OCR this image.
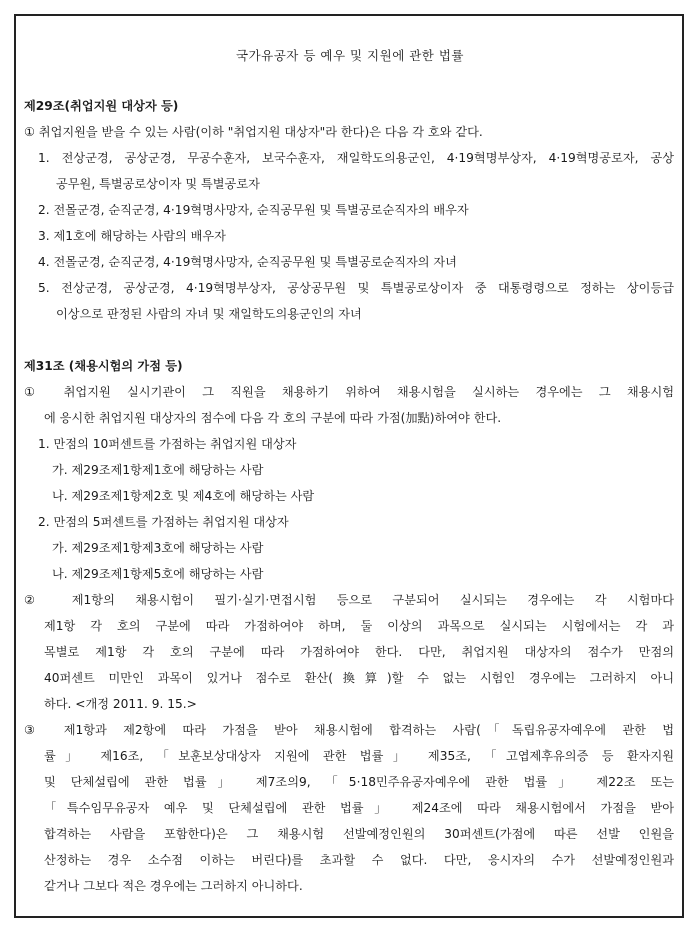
국가유공자 등 예우 및 지원에 관한 법률
제29조(취업지원 대상자 등)
① 취업지원을 받을 수 있는 사람(이하 "취업지원 대상자"라 한다)은 다음 각 호와 같다.
1. 전상군경, 공상군경, 무공수훈자, 보국수훈자, 재일학도의용군인, 4·19혁명부상자, 4·19혁명공로자, 공상
공무원, 특별공로상이자 및 특별공로자
2. 전몰군경, 순직군경, 4·19혁명사망자, 순직공무원 및 특별공로순직자의 배우자
3. 제1호에 해당하는 사람의 배우자
4. 전몰군경, 순직군경, 4·19혁명사망자, 순직공무원 및 특별공로순직자의 자녀
5. 전상군경, 공상군경, 4·19혁명부상자, 공상공무원 및 특별공로상이자 중 대통령령으로 정하는 상이등급
이상으로 판정된 사람의 자녀 및 재일학도의용군인의 자녀
제31조 (채용시험의 가점 등)
① 취업지원 실시기관이 그 직원을 채용하기 위하여 채용시험을 실시하는 경우에는 그 채용시험
에 응시한 취업지원 대상자의 점수에 다음 각 호의 구분에 따라 가점(加點)하여야 한다.
1. 만점의 10퍼센트를 가점하는 취업지원 대상자
가. 제29조제1항제1호에 해당하는 사람
나. 제29조제1항제2호 및 제4호에 해당하는 사람
2. 만점의 5퍼센트를 가점하는 취업지원 대상자
가. 제29조제1항제3호에 해당하는 사람
나. 제29조제1항제5호에 해당하는 사람
② 제1항의 채용시험이 필기·실기·면접시험 등으로 구분되어 실시되는 경우에는 각 시험마다
제1항 각 호의 구분에 따라 가점하여야 하며, 둘 이상의 과목으로 실시되는 시험에서는 각 과
목별로 제1항 각 호의 구분에 따라 가점하여야 한다. 다만, 취업지원 대상자의 점수가 만점의
40퍼센트 미만인 과목이 있거나 점수로 환산(換算)할 수 없는 시험인 경우에는 그러하지 아니
하다. <개정 2011. 9. 15.>
③ 제1항과 제2항에 따라 가점을 받아 채용시험에 합격하는 사람(「독립유공자예우에 관한 법
률」 제16조, 「보훈보상대상자 지원에 관한 법률」 제35조, 「고엽제후유의증 등 환자지원
및 단체설립에 관한 법률」 제7조의9, 「5·18민주유공자예우에 관한 법률」 제22조 또는
「특수임무유공자 예우 및 단체설립에 관한 법률」 제24조에 따라 채용시험에서 가점을 받아
합격하는 사람을 포함한다)은 그 채용시험 선발예정인원의 30퍼센트(가점에 따른 선발 인원을
산정하는 경우 소수점 이하는 버린다)를 초과할 수 없다. 다만, 응시자의 수가 선발예정인원과
같거나 그보다 적은 경우에는 그러하지 아니하다.
